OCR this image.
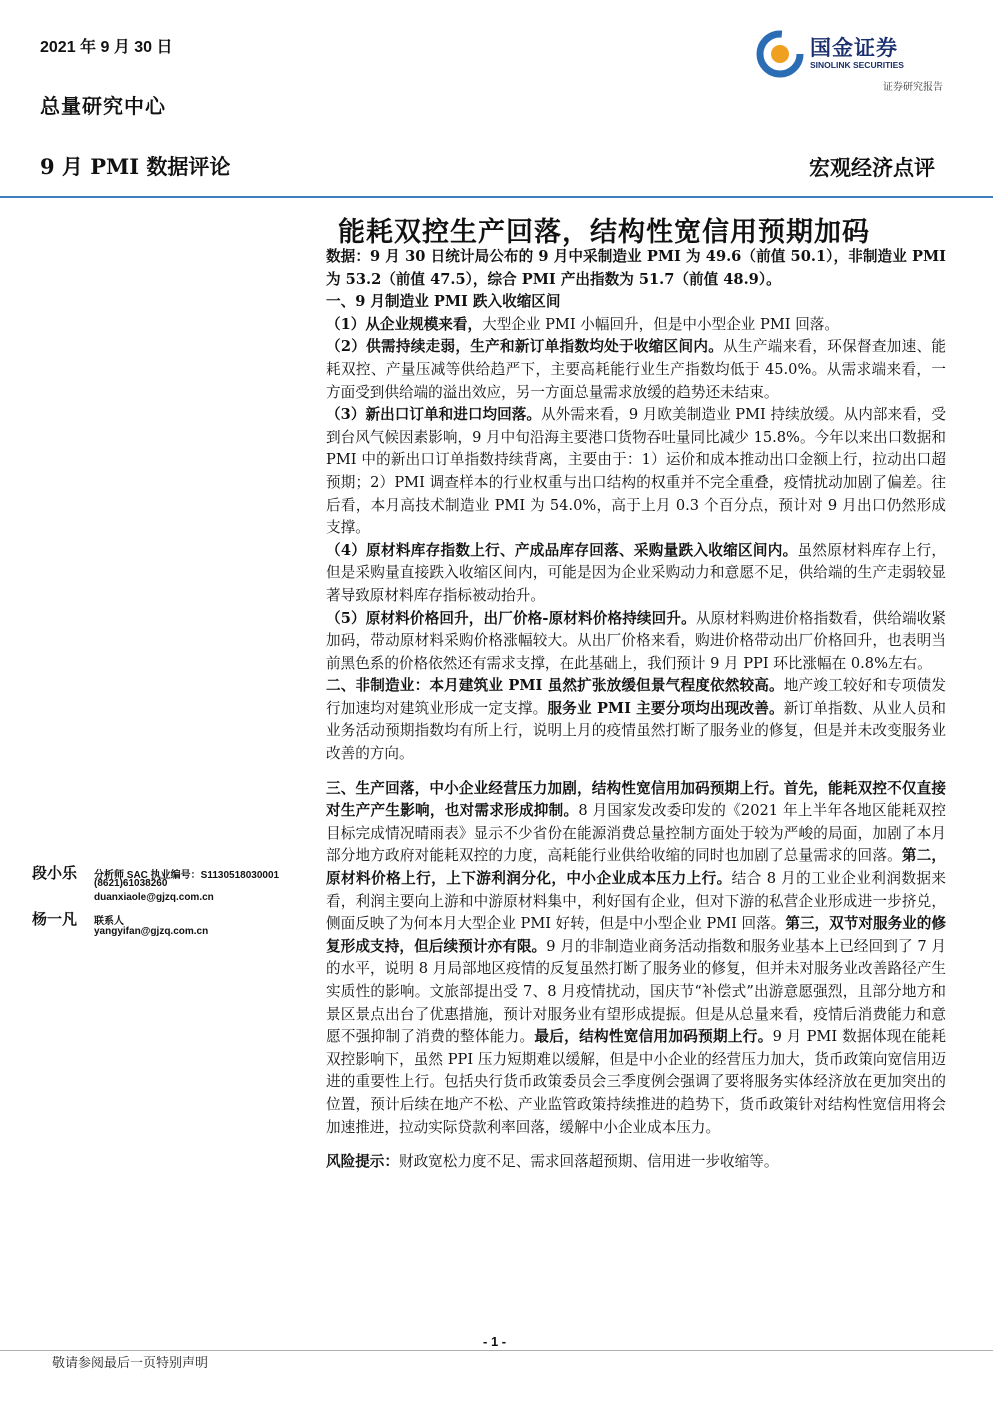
2021 年 9 月 30 日
总量研究中心
9 月 PMI 数据评论	宏观经济点评
国金证券
SINOLINK SECURITIES
证券研究报告
能耗双控生产回落，结构性宽信用预期加码

数据：9 月 30 日统计局公布的 9 月中采制造业 PMI 为 49.6（前值 50.1），非制造业 PMI 为 53.2（前值 47.5），综合 PMI 产出指数为 51.7（前值 48.9）。

一、9 月制造业 PMI 跌入收缩区间

（1）从企业规模来看，大型企业 PMI 小幅回升，但是中小型企业 PMI 回落。

（2）供需持续走弱，生产和新订单指数均处于收缩区间内。从生产端来看，环保督查加速、能耗双控、产量压减等供给趋严下，主要高耗能行业生产指数均低于 45.0%。从需求端来看，一方面受到供给端的溢出效应，另一方面总量需求放缓的趋势还未结束。

（3）新出口订单和进口均回落。从外需来看，9 月欧美制造业 PMI 持续放缓。从内部来看，受到台风气候因素影响，9 月中旬沿海主要港口货物吞吐量同比减少 15.8%。今年以来出口数据和 PMI 中的新出口订单指数持续背离，主要由于：1）运价和成本推动出口金额上行，拉动出口超预期；2）PMI 调查样本的行业权重与出口结构的权重并不完全重叠，疫情扰动加剧了偏差。往后看，本月高技术制造业 PMI 为 54.0%，高于上月 0.3 个百分点，预计对 9 月出口仍然形成支撑。

（4）原材料库存指数上行、产成品库存回落、采购量跌入收缩区间内。虽然原材料库存上行，但是采购量直接跌入收缩区间内，可能是因为企业采购动力和意愿不足，供给端的生产走弱较显著导致原材料库存指标被动抬升。

（5）原材料价格回升，出厂价格-原材料价格持续回升。从原材料购进价格指数看，供给端收紧加码，带动原材料采购价格涨幅较大。从出厂价格来看，购进价格带动出厂价格回升，也表明当前黑色系的价格依然还有需求支撑，在此基础上，我们预计 9 月 PPI 环比涨幅在 0.8%左右。

二、非制造业：本月建筑业 PMI 虽然扩张放缓但景气程度依然较高。地产竣工较好和专项债发行加速均对建筑业形成一定支撑。服务业 PMI 主要分项均出现改善。新订单指数、从业人员和业务活动预期指数均有所上行，说明上月的疫情虽然打断了服务业的修复，但是并未改变服务业改善的方向。

三、生产回落，中小企业经营压力加剧，结构性宽信用加码预期上行。首先，能耗双控不仅直接对生产产生影响，也对需求形成抑制。8 月国家发改委印发的《2021 年上半年各地区能耗双控目标完成情况晴雨表》显示不少省份在能源消费总量控制方面处于较为严峻的局面，加剧了本月部分地方政府对能耗双控的力度，高耗能行业供给收缩的同时也加剧了总量需求的回落。第二，原材料价格上行，上下游利润分化，中小企业成本压力上行。结合 8 月的工业企业利润数据来看，利润主要向上游和中游原材料集中，利好国有企业，但对下游的私营企业形成进一步挤兑，侧面反映了为何本月大型企业 PMI 好转，但是中小型企业 PMI 回落。第三，双节对服务业的修复形成支持，但后续预计亦有限。9 月的非制造业商务活动指数和服务业基本上已经回到了 7 月的水平，说明 8 月局部地区疫情的反复虽然打断了服务业的修复，但并未对服务业改善路径产生实质性的影响。文旅部提出受 7、8 月疫情扰动，国庆节“补偿式”出游意愿强烈，且部分地方和景区景点出台了优惠措施，预计对服务业有望形成提振。但是从总量来看，疫情后消费能力和意愿不强抑制了消费的整体能力。最后，结构性宽信用加码预期上行。9 月 PMI 数据体现在能耗双控影响下，虽然 PPI 压力短期难以缓解，但是中小企业的经营压力加大，货币政策向宽信用迈进的重要性上行。包括央行货币政策委员会三季度例会强调了要将服务实体经济放在更加突出的位置，预计后续在地产不松、产业监管政策持续推进的趋势下，货币政策针对结构性宽信用将会加速推进，拉动实际贷款利率回落，缓解中小企业成本压力。

风险提示：财政宽松力度不足、需求回落超预期、信用进一步收缩等。

段小乐 分析师 SAC 执业编号：S1130518030001
(8621)61038260
duanxiaole@gjzq.com.cn
杨一凡 联系人
yangyifan@gjzq.com.cn
- 1 -
敬请参阅最后一页特别声明
